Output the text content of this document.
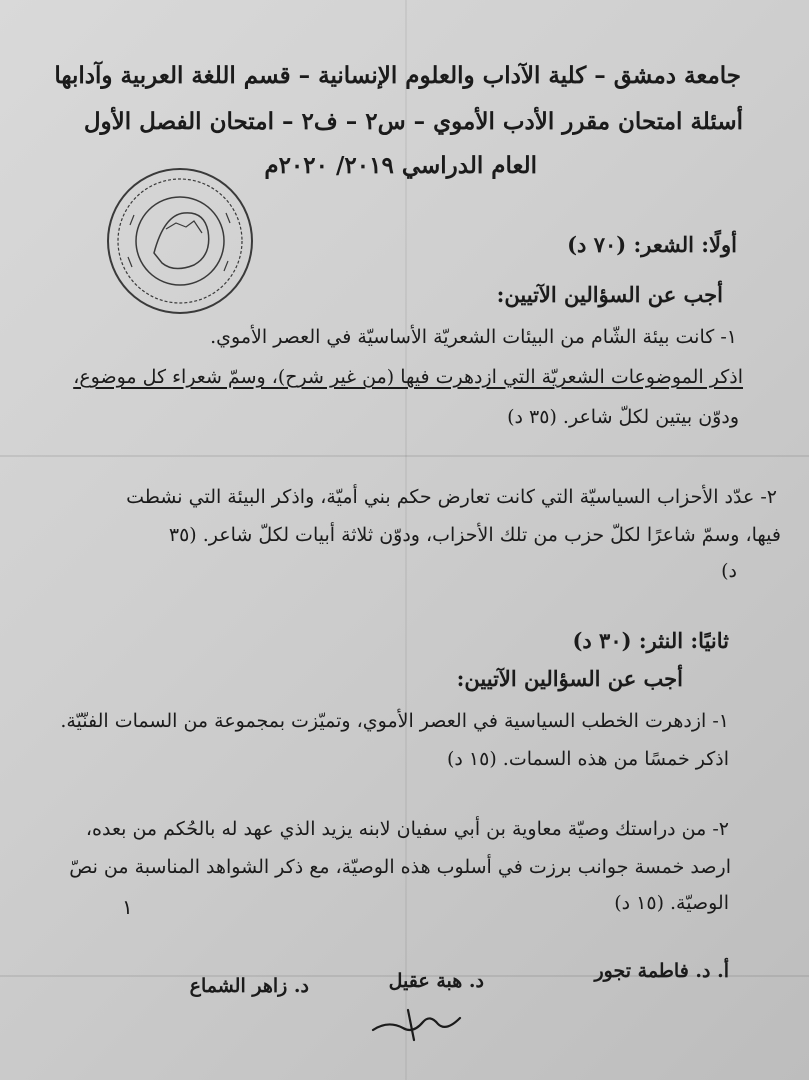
جامعة دمشق – كلية الآداب والعلوم الإنسانية – قسم اللغة العربية وآدابها
أسئلة امتحان مقرر الأدب الأموي – س٢ – ف٢ – امتحان الفصل الأول
العام الدراسي ٢٠١٩/ ٢٠٢٠م
أولًا: الشعر: (٧٠ د)
أجب عن السؤالين الآتيين:
١- كانت بيئة الشّام من البيئات الشعريّة الأساسيّة في العصر الأموي.
اذكر الموضوعات الشعريّة التي ازدهرت فيها (من غير شرح)، وسمّ شعراء كل موضوع،
ودوّن بيتين لكلّ شاعر. (٣٥ د)
٢- عدّد الأحزاب السياسيّة التي كانت تعارض حكم بني أميّة، واذكر البيئة التي نشطت
فيها، وسمّ شاعرًا لكلّ حزب من تلك الأحزاب، ودوّن ثلاثة أبيات لكلّ شاعر. (٣٥
د)
ثانيًا: النثر: (٣٠ د)
أجب عن السؤالين الآتيين:
١- ازدهرت الخطب السياسية في العصر الأموي، وتميّزت بمجموعة من السمات الفنّيّة.
اذكر خمسًا من هذه السمات. (١٥ د)
٢- من دراستك وصيّة معاوية بن أبي سفيان لابنه يزيد الذي عهد له بالحُكم من بعده،
ارصد خمسة جوانب برزت في أسلوب هذه الوصيّة، مع ذكر الشواهد المناسبة من نصّ
الوصيّة. (١٥ د)
١
أ. د. فاطمة تجور
د. هبة عقيل
د. زاهر الشماع
